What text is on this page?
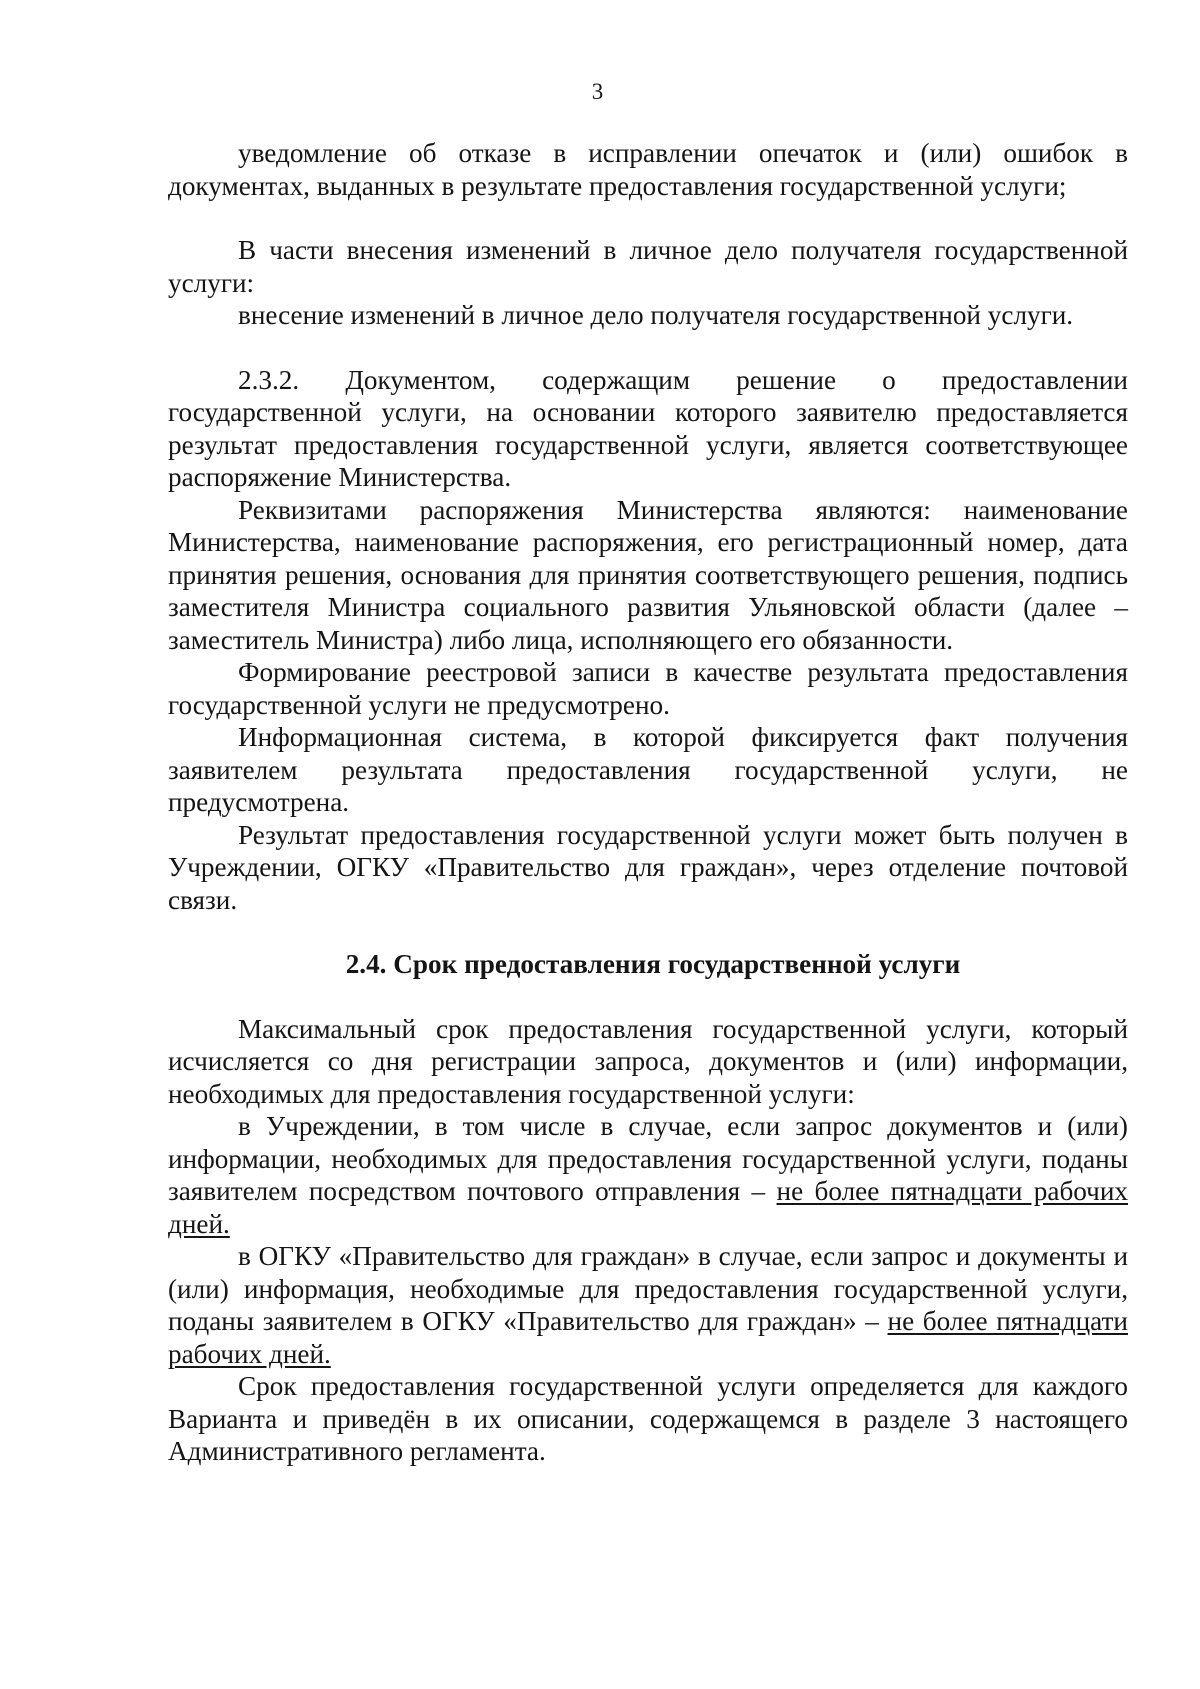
3

уведомление об отказе в исправлении опечаток и (или) ошибок в документах, выданных в результате предоставления государственной услуги;

В части внесения изменений в личное дело получателя государственной услуги:

внесение изменений в личное дело получателя государственной услуги.

2.3.2. Документом, содержащим решение о предоставлении государственной услуги, на основании которого заявителю предоставляется результат предоставления государственной услуги, является соответствующее распоряжение Министерства.

Реквизитами распоряжения Министерства являются: наименование Министерства, наименование распоряжения, его регистрационный номер, дата принятия решения, основания для принятия соответствующего решения, подпись заместителя Министра социального развития Ульяновской области (далее – заместитель Министра) либо лица, исполняющего его обязанности.

Формирование реестровой записи в качестве результата предоставления государственной услуги не предусмотрено.

Информационная система, в которой фиксируется факт получения заявителем результата предоставления государственной услуги, не предусмотрена.

Результат предоставления государственной услуги может быть получен в Учреждении, ОГКУ «Правительство для граждан», через отделение почтовой связи.

2.4. Срок предоставления государственной услуги

Максимальный срок предоставления государственной услуги, который исчисляется со дня регистрации запроса, документов и (или) информации, необходимых для предоставления государственной услуги:

в Учреждении, в том числе в случае, если запрос документов и (или) информации, необходимых для предоставления государственной услуги, поданы заявителем посредством почтового отправления – не более пятнадцати рабочих дней.

в ОГКУ «Правительство для граждан» в случае, если запрос и документы и (или) информация, необходимые для предоставления государственной услуги, поданы заявителем в ОГКУ «Правительство для граждан» – не более пятнадцати рабочих дней.

Срок предоставления государственной услуги определяется для каждого Варианта и приведён в их описании, содержащемся в разделе 3 настоящего Административного регламента.
